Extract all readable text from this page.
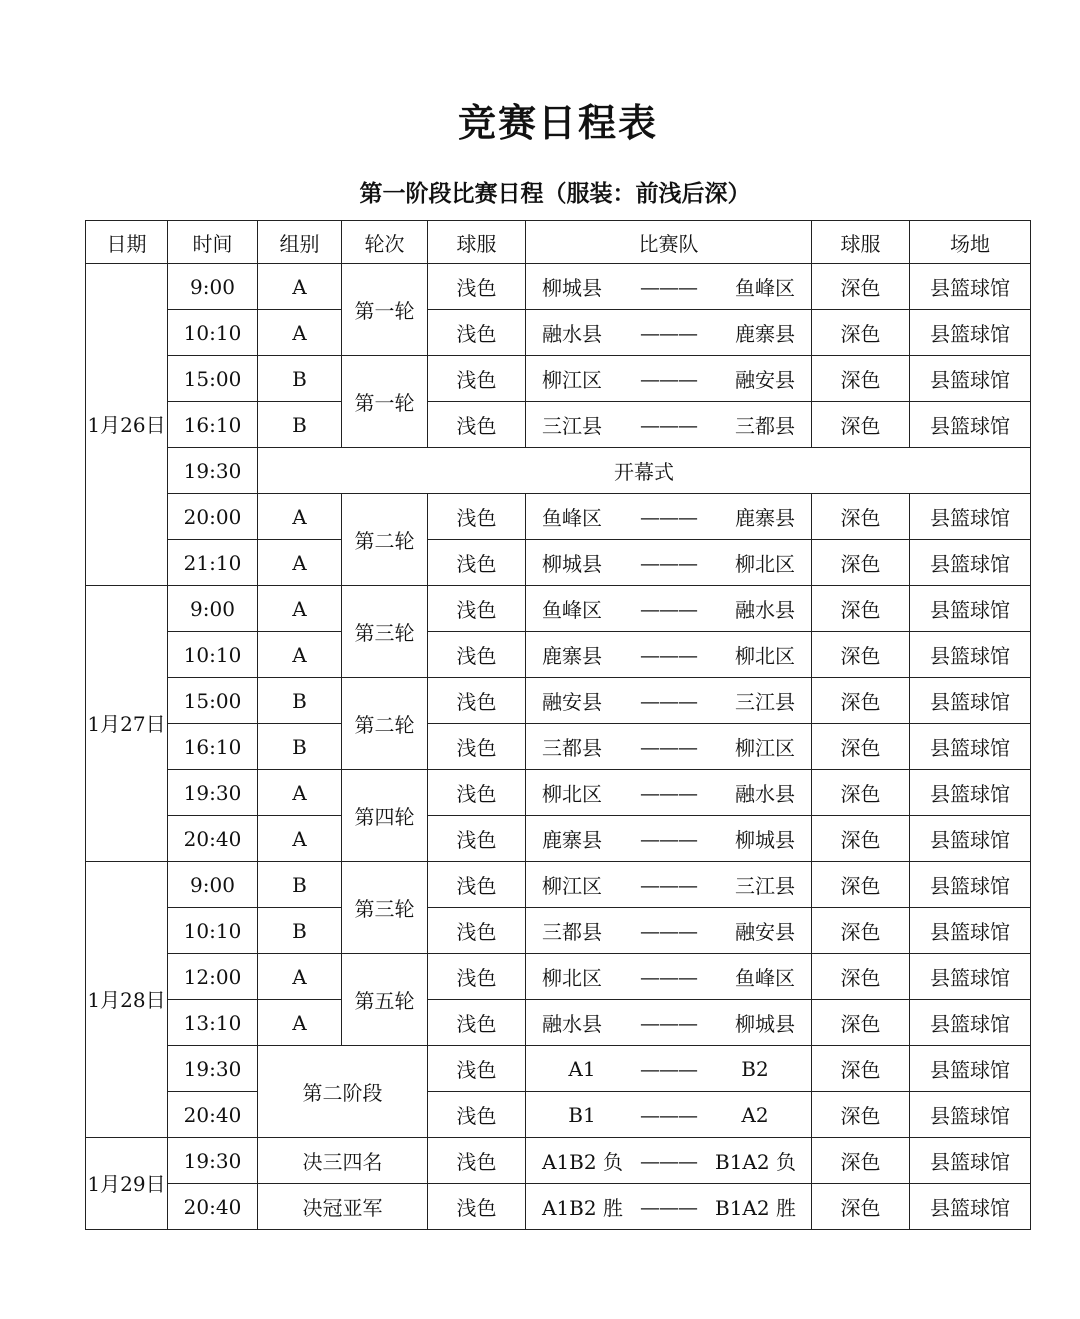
竞赛日程表
第一阶段比赛日程（服装：前浅后深）
日期	时间	组别	轮次	球服	比赛队	球服	场地
1月26日	9:00	A	第一轮	浅色	柳城县 ——— 鱼峰区	深色	县篮球馆
	10:10	A		浅色	融水县 ——— 鹿寨县	深色	县篮球馆
	15:00	B	第一轮	浅色	柳江区 ——— 融安县	深色	县篮球馆
	16:10	B		浅色	三江县 ——— 三都县	深色	县篮球馆
	19:30	开幕式					
	20:00	A	第二轮	浅色	鱼峰区 ——— 鹿寨县	深色	县篮球馆
	21:10	A		浅色	柳城县 ——— 柳北区	深色	县篮球馆
1月27日	9:00	A	第三轮	浅色	鱼峰区 ——— 融水县	深色	县篮球馆
	10:10	A		浅色	鹿寨县 ——— 柳北区	深色	县篮球馆
	15:00	B	第二轮	浅色	融安县 ——— 三江县	深色	县篮球馆
	16:10	B		浅色	三都县 ——— 柳江区	深色	县篮球馆
	19:30	A	第四轮	浅色	柳北区 ——— 融水县	深色	县篮球馆
	20:40	A		浅色	鹿寨县 ——— 柳城县	深色	县篮球馆
1月28日	9:00	B	第三轮	浅色	柳江区 ——— 三江县	深色	县篮球馆
	10:10	B		浅色	三都县 ——— 融安县	深色	县篮球馆
	12:00	A	第五轮	浅色	柳北区 ——— 鱼峰区	深色	县篮球馆
	13:10	A		浅色	融水县 ——— 柳城县	深色	县篮球馆
	19:30	第二阶段		浅色	A1 ——— B2	深色	县篮球馆
	20:40			浅色	B1 ——— A2	深色	县篮球馆
1月29日	19:30	决三四名		浅色	A1B2 负 ——— B1A2 负	深色	县篮球馆
	20:40	决冠亚军		浅色	A1B2 胜 ——— B1A2 胜	深色	县篮球馆
